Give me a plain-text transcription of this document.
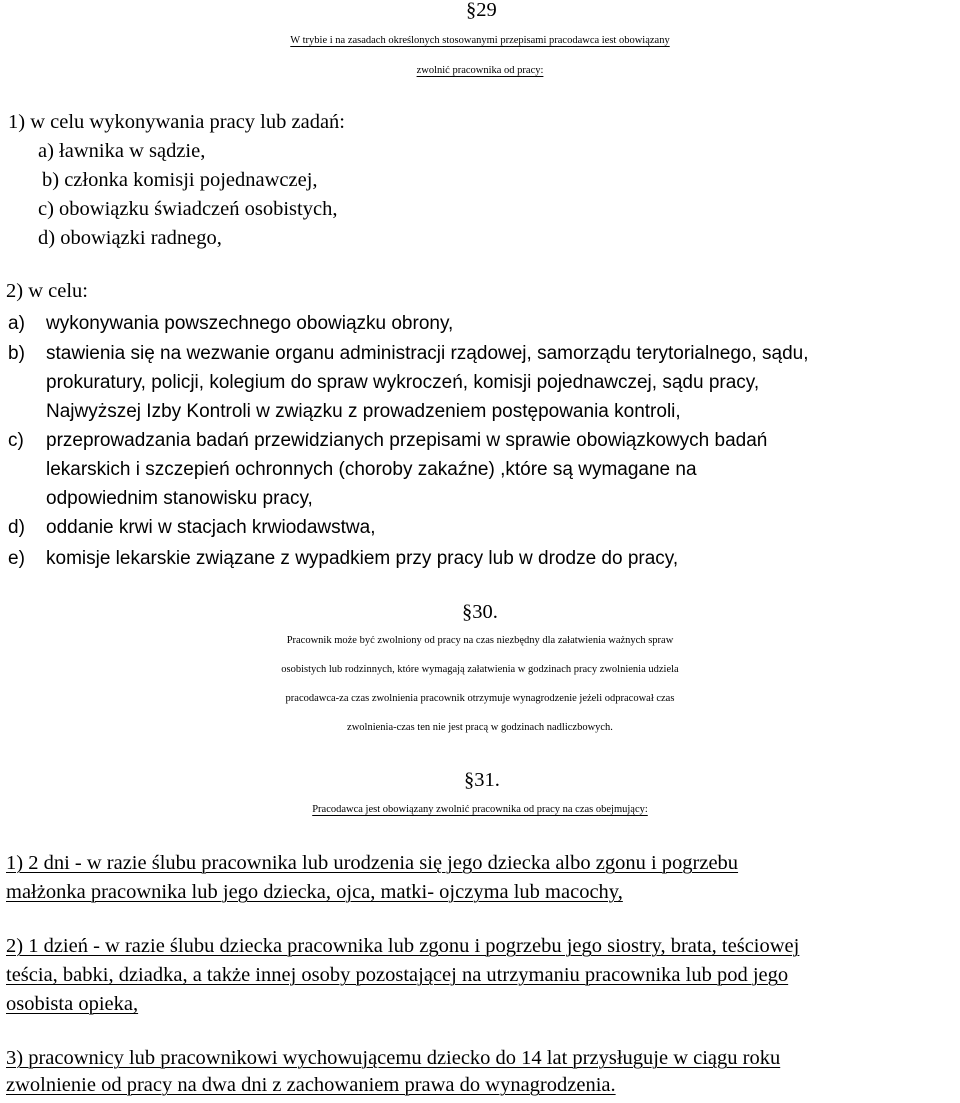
§29
W trybie i na zasadach określonych stosowanymi przepisami pracodawca iest obowiązany
zwolnić pracownika od pracy:
1) w celu wykonywania pracy lub zadań:
a) ławnika w sądzie,
b) członka komisji pojednawczej,
c) obowiązku świadczeń osobistych,
d) obowiązki radnego,
2) w celu:
a) wykonywania powszechnego obowiązku obrony,
b) stawienia się na wezwanie organu administracji rządowej, samorządu terytorialnego, sądu,
prokuratury, policji, kolegium do spraw wykroczeń, komisji pojednawczej, sądu pracy,
Najwyższej Izby Kontroli w związku z prowadzeniem postępowania kontroli,
c) przeprowadzania badań przewidzianych przepisami w sprawie obowiązkowych badań
lekarskich i szczepień ochronnych (choroby zakaźne) ,które są wymagane na
odpowiednim stanowisku pracy,
d) oddanie krwi w stacjach krwiodawstwa,
e) komisje lekarskie związane z wypadkiem przy pracy lub w drodze do pracy,
§30.
Pracownik może być zwolniony od pracy na czas niezbędny dla załatwienia ważnych spraw
osobistych lub rodzinnych, które wymagają załatwienia w godzinach pracy zwolnienia udziela
pracodawca-za czas zwolnienia pracownik otrzymuje wynagrodzenie jeżeli odpracował czas
zwolnienia-czas ten nie jest pracą w godzinach nadliczbowych.
§31.
Pracodawca jest obowiązany zwolnić pracownika od pracy na czas obejmujący:
1) 2 dni - w razie ślubu pracownika lub urodzenia się jego dziecka albo zgonu i pogrzebu
małżonka pracownika lub jego dziecka, ojca, matki- ojczyma lub macochy,
2) 1 dzień - w razie ślubu dziecka pracownika lub zgonu i pogrzebu jego siostry, brata, teściowej
teścia, babki, dziadka, a także innej osoby pozostającej na utrzymaniu pracownika lub pod jego
osobista opieka,
3) pracownicy lub pracownikowi wychowującemu dziecko do 14 lat przysługuje w ciągu roku
zwolnienie od pracy na dwa dni z zachowaniem prawa do wynagrodzenia.
